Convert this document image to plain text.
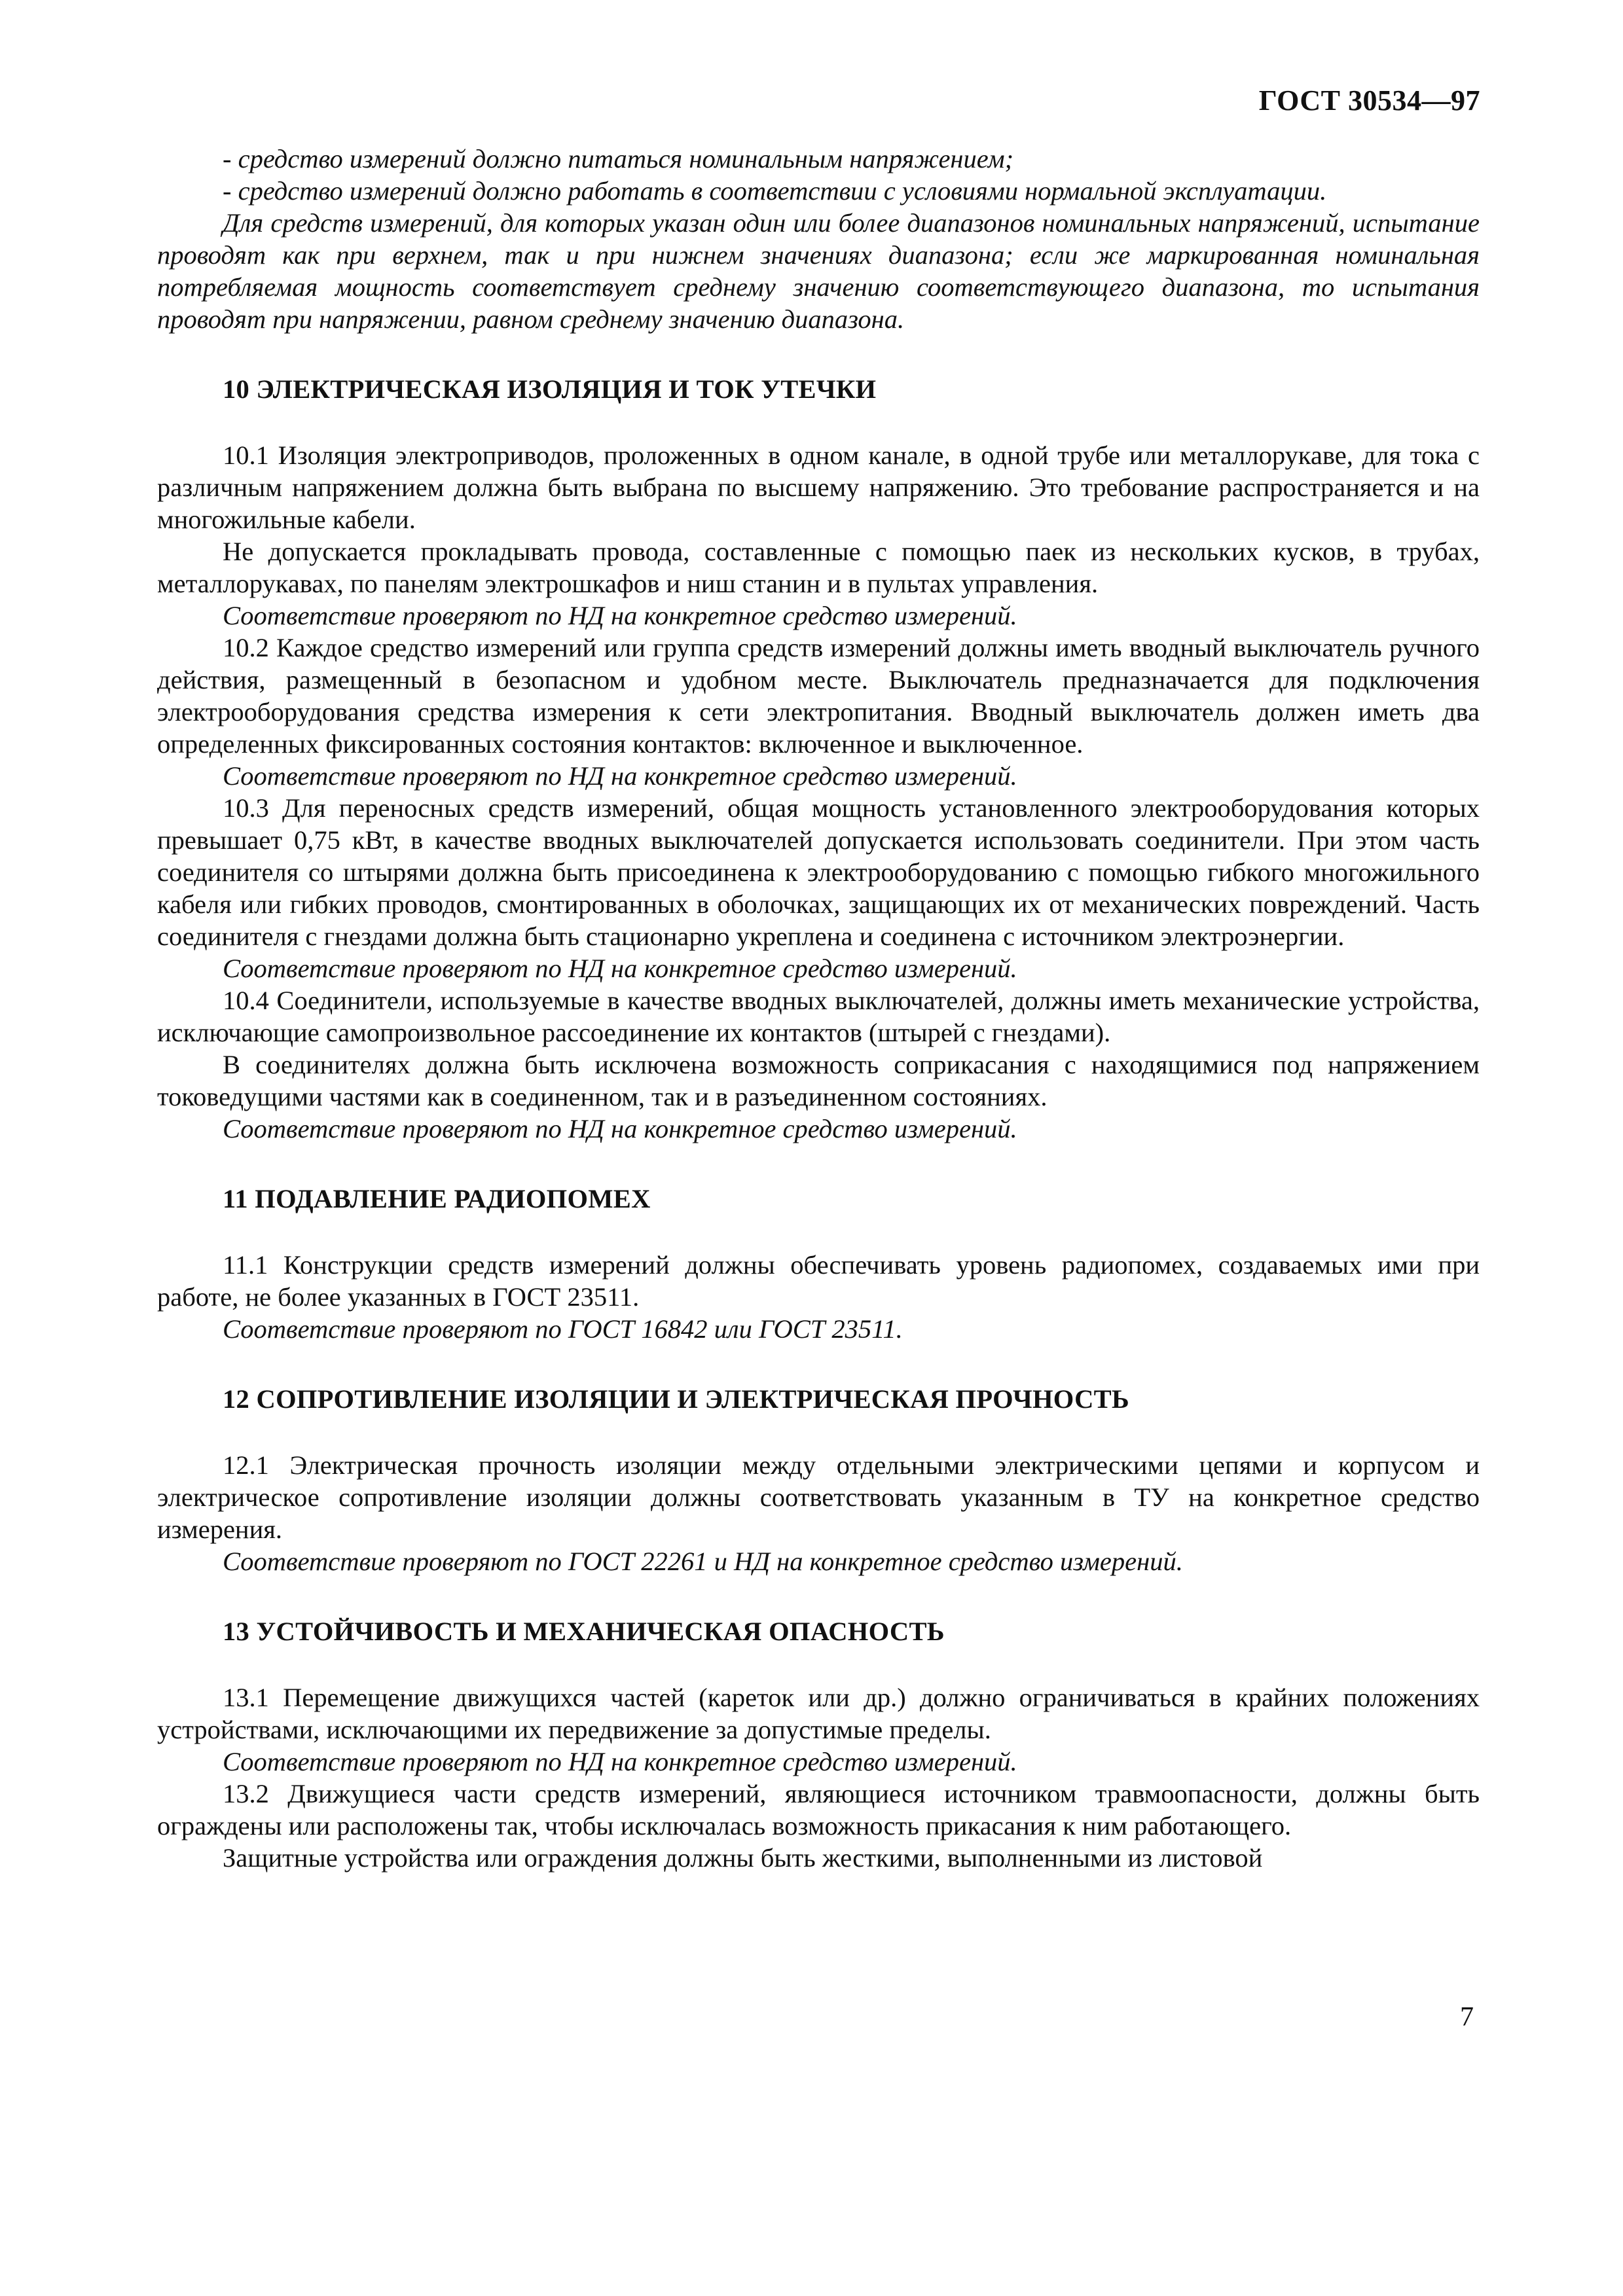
ГОСТ 30534—97

- средство измерений должно питаться номинальным напряжением;

- средство измерений должно работать в соответствии с условиями нормальной эксплуатации.

Для средств измерений, для которых указан один или более диапазонов номинальных напряжений, испытание проводят как при верхнем, так и при нижнем значениях диапазона; если же маркированная номинальная потребляемая мощность соответствует среднему значению соответствующего диапазона, то испытания проводят при напряжении, равном среднему значению диапазона.

10 ЭЛЕКТРИЧЕСКАЯ ИЗОЛЯЦИЯ И ТОК УТЕЧКИ

10.1 Изоляция электроприводов, проложенных в одном канале, в одной трубе или металлорукаве, для тока с различным напряжением должна быть выбрана по высшему напряжению. Это требование распространяется и на многожильные кабели.

Не допускается прокладывать провода, составленные с помощью паек из нескольких кусков, в трубах, металлорукавах, по панелям электрошкафов и ниш станин и в пультах управления.

Соответствие проверяют по НД на конкретное средство измерений.

10.2 Каждое средство измерений или группа средств измерений должны иметь вводный выключатель ручного действия, размещенный в безопасном и удобном месте. Выключатель предназначается для подключения электрооборудования средства измерения к сети электропитания. Вводный выключатель должен иметь два определенных фиксированных состояния контактов: включенное и выключенное.

Соответствие проверяют по НД на конкретное средство измерений.

10.3 Для переносных средств измерений, общая мощность установленного электрооборудования которых превышает 0,75 кВт, в качестве вводных выключателей допускается использовать соединители. При этом часть соединителя со штырями должна быть присоединена к электрооборудованию с помощью гибкого многожильного кабеля или гибких проводов, смонтированных в оболочках, защищающих их от механических повреждений. Часть соединителя с гнездами должна быть стационарно укреплена и соединена с источником электроэнергии.

Соответствие проверяют по НД на конкретное средство измерений.

10.4 Соединители, используемые в качестве вводных выключателей, должны иметь механические устройства, исключающие самопроизвольное рассоединение их контактов (штырей с гнездами).

В соединителях должна быть исключена возможность соприкасания с находящимися под напряжением токоведущими частями как в соединенном, так и в разъединенном состояниях.

Соответствие проверяют по НД на конкретное средство измерений.

11 ПОДАВЛЕНИЕ РАДИОПОМЕХ

11.1 Конструкции средств измерений должны обеспечивать уровень радиопомех, создаваемых ими при работе, не более указанных в ГОСТ 23511.

Соответствие проверяют по ГОСТ 16842 или ГОСТ 23511.

12 СОПРОТИВЛЕНИЕ ИЗОЛЯЦИИ И ЭЛЕКТРИЧЕСКАЯ ПРОЧНОСТЬ

12.1 Электрическая прочность изоляции между отдельными электрическими цепями и корпусом и электрическое сопротивление изоляции должны соответствовать указанным в ТУ на конкретное средство измерения.

Соответствие проверяют по ГОСТ 22261 и НД на конкретное средство измерений.

13 УСТОЙЧИВОСТЬ И МЕХАНИЧЕСКАЯ ОПАСНОСТЬ

13.1 Перемещение движущихся частей (кареток или др.) должно ограничиваться в крайних положениях устройствами, исключающими их передвижение за допустимые пределы.

Соответствие проверяют по НД на конкретное средство измерений.

13.2 Движущиеся части средств измерений, являющиеся источником травмоопасности, должны быть ограждены или расположены так, чтобы исключалась возможность прикасания к ним работающего.

Защитные устройства или ограждения должны быть жесткими, выполненными из листовой

7
